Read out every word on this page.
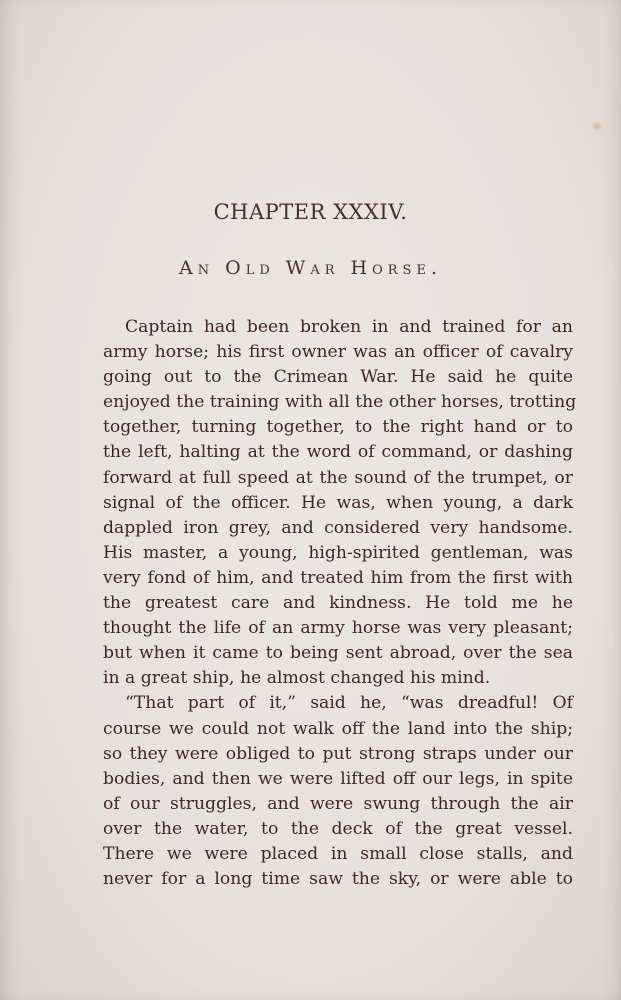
CHAPTER XXXIV.
An Old War Horse.
Captain had been broken in and trained for an
army horse; his first owner was an officer of cavalry
going out to the Crimean War. He said he quite
enjoyed the training with all the other horses, trotting
together, turning together, to the right hand or to
the left, halting at the word of command, or dashing
forward at full speed at the sound of the trumpet, or
signal of the officer. He was, when young, a dark
dappled iron grey, and considered very handsome.
His master, a young, high-spirited gentleman, was
very fond of him, and treated him from the first with
the greatest care and kindness. He told me he
thought the life of an army horse was very pleasant;
but when it came to being sent abroad, over the sea
in a great ship, he almost changed his mind.
“That part of it,” said he, “was dreadful! Of
course we could not walk off the land into the ship;
so they were obliged to put strong straps under our
bodies, and then we were lifted off our legs, in spite
of our struggles, and were swung through the air
over the water, to the deck of the great vessel.
There we were placed in small close stalls, and
never for a long time saw the sky, or were able to
